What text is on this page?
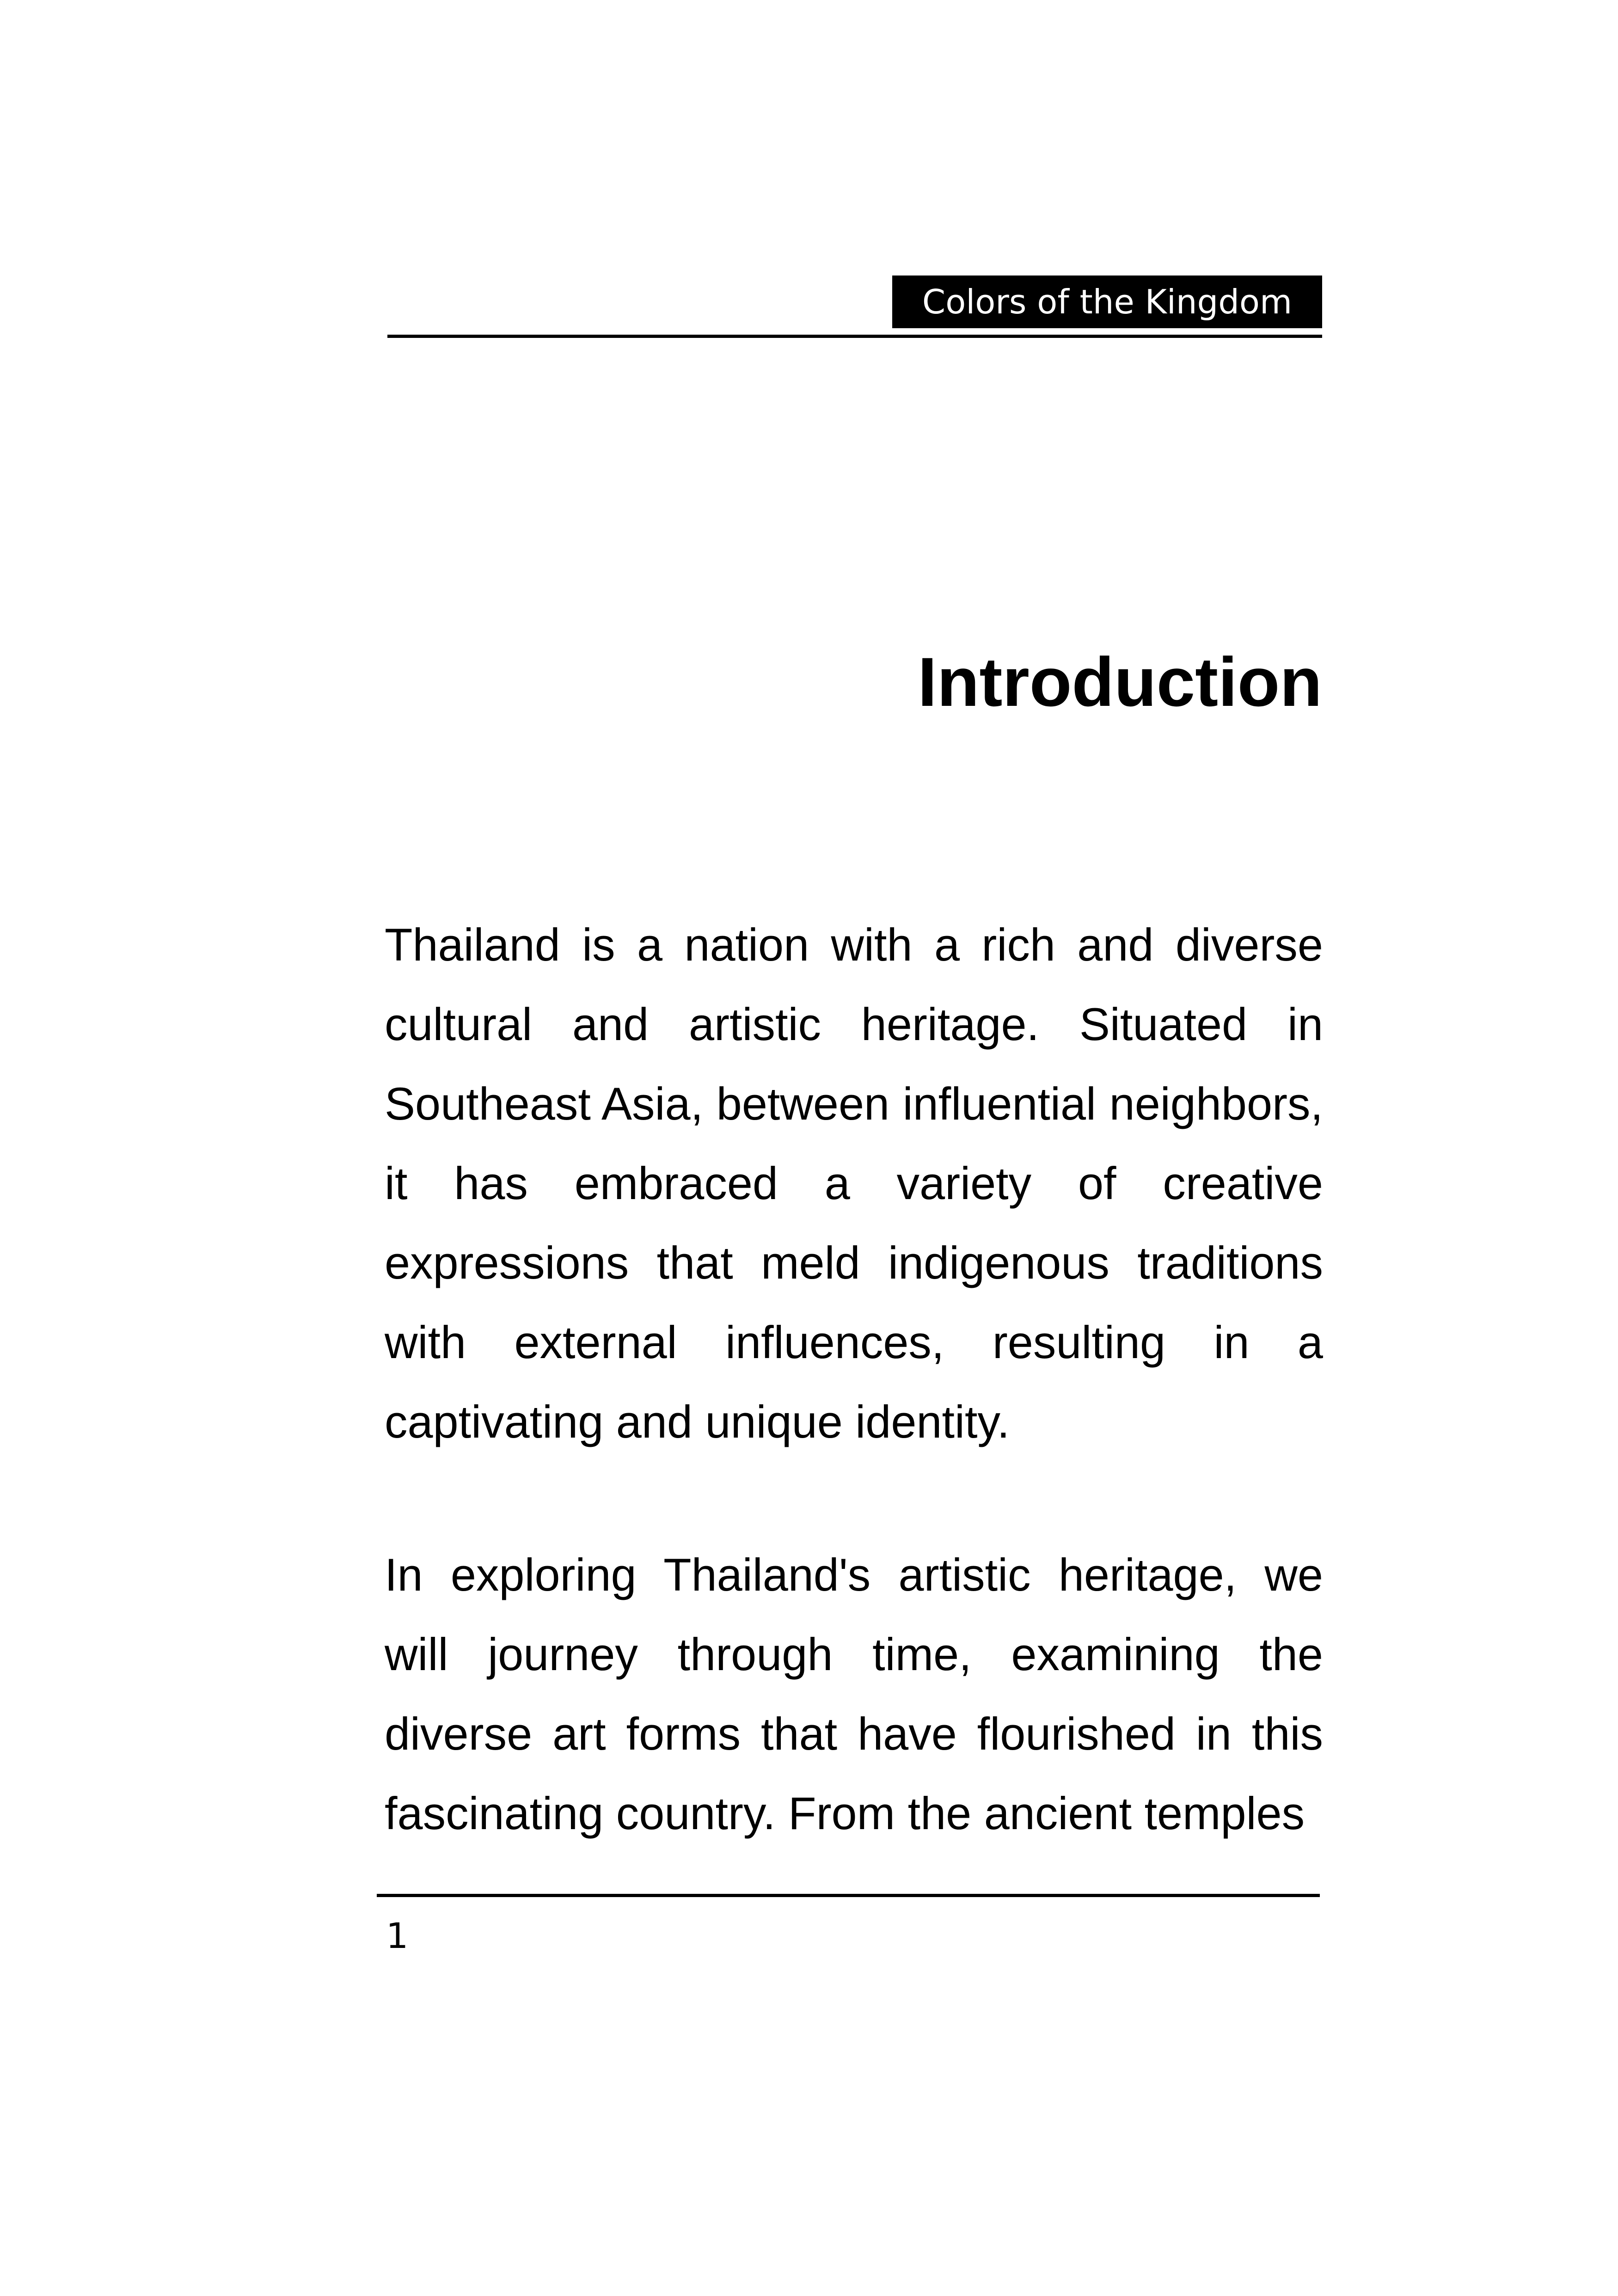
Colors of the Kingdom
Introduction

Thailand is a nation with a rich and diverse cultural and artistic heritage. Situated in Southeast Asia, between influential neighbors, it has embraced a variety of creative expressions that meld indigenous traditions with external influences, resulting in a captivating and unique identity.

In exploring Thailand's artistic heritage, we will journey through time, examining the diverse art forms that have flourished in this fascinating country. From the ancient temples

1
